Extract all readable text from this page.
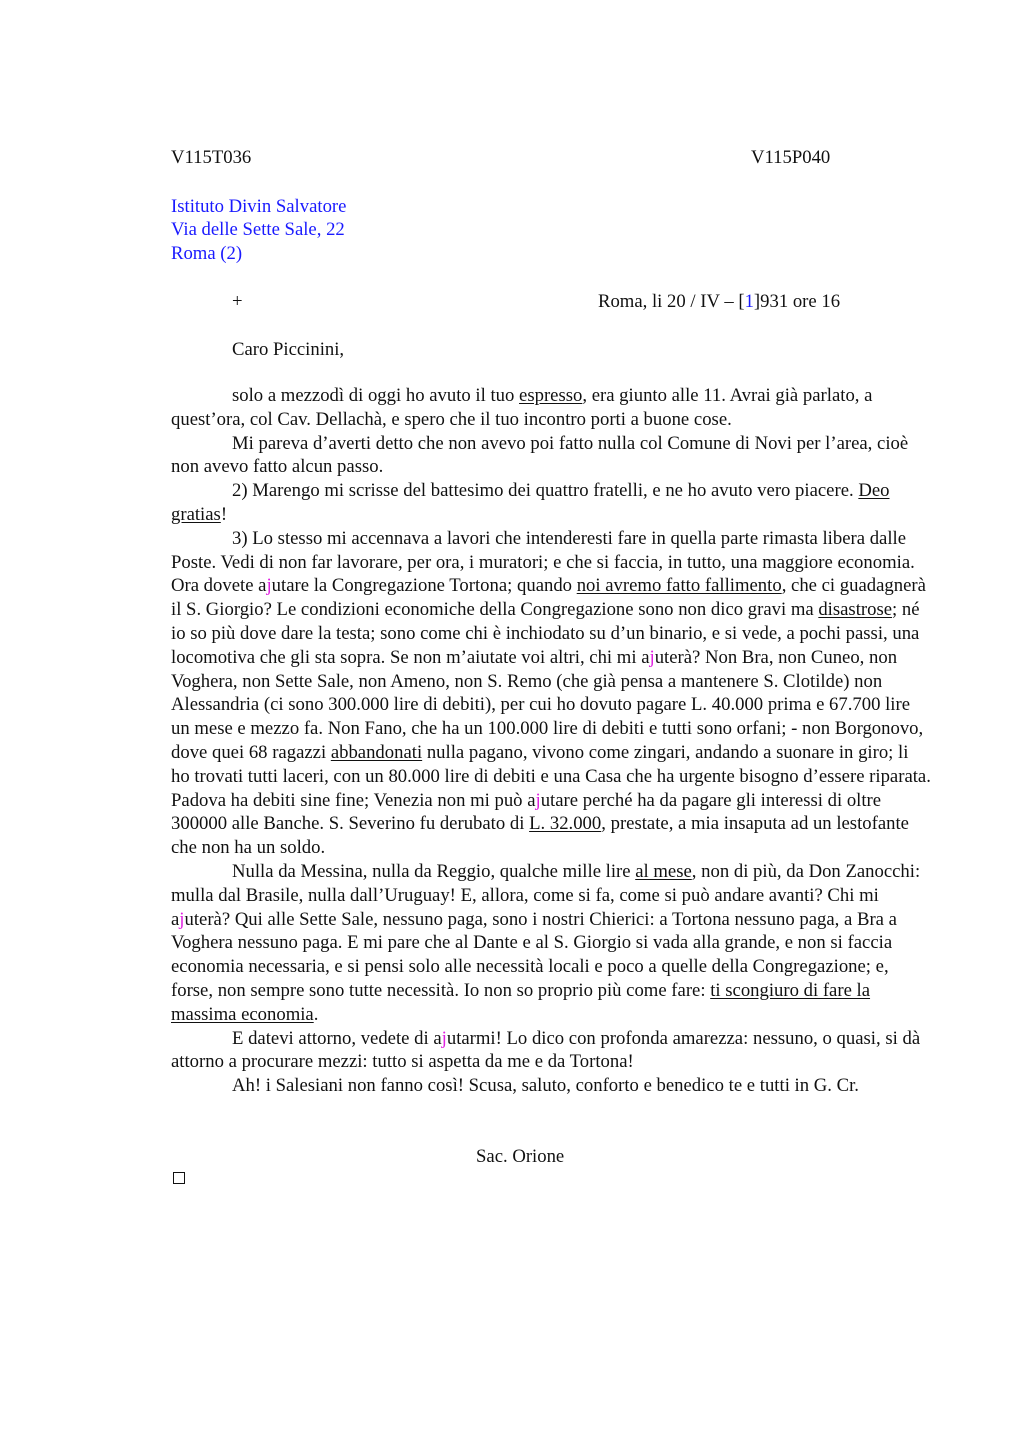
V115T036	V115P040
Istituto Divin Salvatore
Via delle Sette Sale, 22
Roma (2)
+	Roma, li 20 / IV – [1]931 ore 16
Caro Piccinini,

solo a mezzodì di oggi ho avuto il tuo espresso, era giunto alle 11. Avrai già parlato, a quest’ora, col Cav. Dellachà, e spero che il tuo incontro porti a buone cose.

Mi pareva d’averti detto che non avevo poi fatto nulla col Comune di Novi per l’area, cioè non avevo fatto alcun passo.

2) Marengo mi scrisse del battesimo dei quattro fratelli, e ne ho avuto vero piacere. Deo gratias!

3) Lo stesso mi accennava a lavori che intenderesti fare in quella parte rimasta libera dalle Poste. Vedi di non far lavorare, per ora, i muratori; e che si faccia, in tutto, una maggiore economia. Ora dovete ajutare la Congregazione Tortona; quando noi avremo fatto fallimento, che ci guadagnerà il S. Giorgio? Le condizioni economiche della Congregazione sono non dico gravi ma disastrose; né io so più dove dare la testa; sono come chi è inchiodato su d’un binario, e si vede, a pochi passi, una locomotiva che gli sta sopra. Se non m’aiutate voi altri, chi mi ajuterà? Non Bra, non Cuneo, non Voghera, non Sette Sale, non Ameno, non S. Remo (che già pensa a mantenere S. Clotilde) non Alessandria (ci sono 300.000 lire di debiti), per cui ho dovuto pagare L. 40.000 prima e 67.700 lire un mese e mezzo fa. Non Fano, che ha un 100.000 lire di debiti e tutti sono orfani; - non Borgonovo, dove quei 68 ragazzi abbandonati nulla pagano, vivono come zingari, andando a suonare in giro; li ho trovati tutti laceri, con un 80.000 lire di debiti e una Casa che ha urgente bisogno d’essere riparata. Padova ha debiti sine fine; Venezia non mi può ajutare perché ha da pagare gli interessi di oltre 300000 alle Banche. S. Severino fu derubato di L. 32.000, prestate, a mia insaputa ad un lestofante che non ha un soldo.

Nulla da Messina, nulla da Reggio, qualche mille lire al mese, non di più, da Don Zanocchi: mulla dal Brasile, nulla dall’Uruguay! E, allora, come si fa, come si può andare avanti? Chi mi ajuterà? Qui alle Sette Sale, nessuno paga, sono i nostri Chierici: a Tortona nessuno paga, a Bra a Voghera nessuno paga. E mi pare che al Dante e al S. Giorgio si vada alla grande, e non si faccia economia necessaria, e si pensi solo alle necessità locali e poco a quelle della Congregazione; e, forse, non sempre sono tutte necessità. Io non so proprio più come fare: ti scongiuro di fare la massima economia.

E datevi attorno, vedete di ajutarmi! Lo dico con profonda amarezza: nessuno, o quasi, si dà attorno a procurare mezzi: tutto si aspetta da me e da Tortona!

Ah! i Salesiani non fanno così! Scusa, saluto, conforto e benedico te e tutti in G. Cr.

Sac. Orione
